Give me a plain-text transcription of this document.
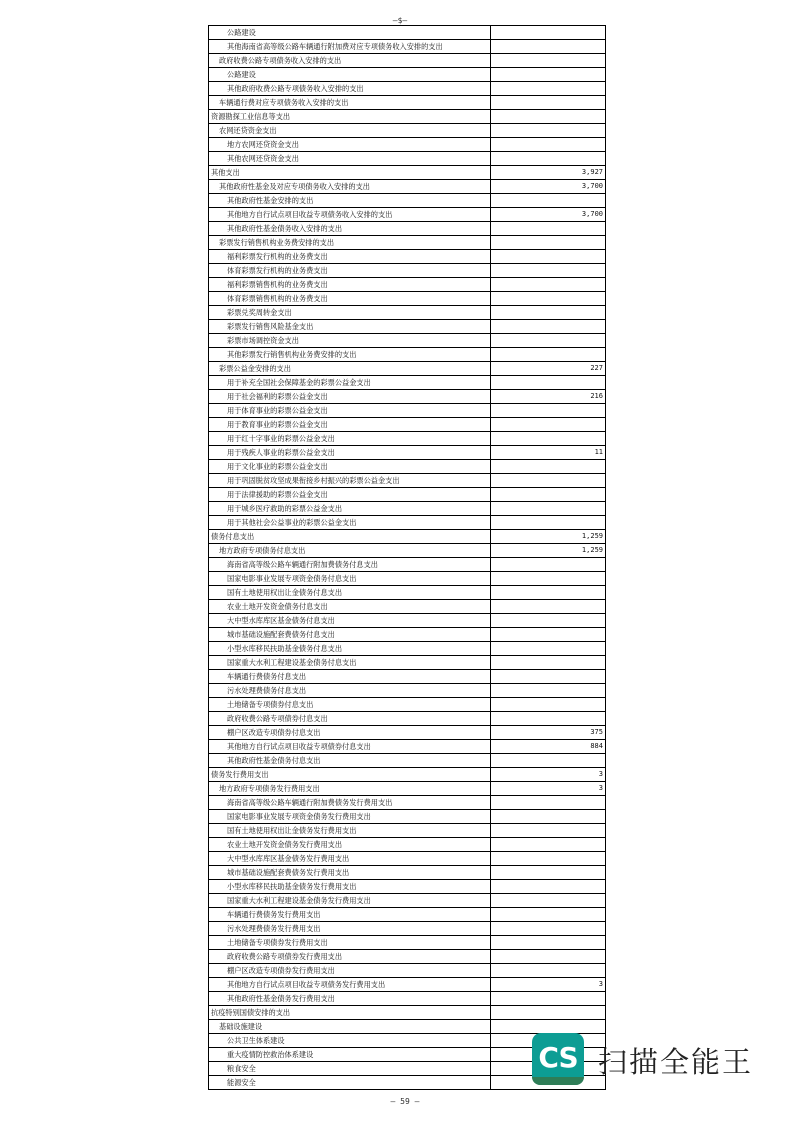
—$—
公路建设	
其他海南省高等级公路车辆通行附加费对应专项债务收入安排的支出	
政府收费公路专项债务收入安排的支出	
公路建设	
其他政府收费公路专项债务收入安排的支出	
车辆通行费对应专项债务收入安排的支出	
资源勘探工业信息等支出	
农网还贷资金支出	
地方农网还贷资金支出	
其他农网还贷资金支出	
其他支出	3,927
其他政府性基金及对应专项债务收入安排的支出	3,700
其他政府性基金安排的支出	
其他地方自行试点项目收益专项债务收入安排的支出	3,700
其他政府性基金债务收入安排的支出	
彩票发行销售机构业务费安排的支出	
福利彩票发行机构的业务费支出	
体育彩票发行机构的业务费支出	
福利彩票销售机构的业务费支出	
体育彩票销售机构的业务费支出	
彩票兑奖周转金支出	
彩票发行销售风险基金支出	
彩票市场调控资金支出	
其他彩票发行销售机构业务费安排的支出	
彩票公益金安排的支出	227
用于补充全国社会保障基金的彩票公益金支出	
用于社会福利的彩票公益金支出	216
用于体育事业的彩票公益金支出	
用于教育事业的彩票公益金支出	
用于红十字事业的彩票公益金支出	
用于残疾人事业的彩票公益金支出	11
用于文化事业的彩票公益金支出	
用于巩固脱贫攻坚成果衔接乡村振兴的彩票公益金支出	
用于法律援助的彩票公益金支出	
用于城乡医疗救助的彩票公益金支出	
用于其他社会公益事业的彩票公益金支出	
债务付息支出	1,259
地方政府专项债务付息支出	1,259
海南省高等级公路车辆通行附加费债务付息支出	
国家电影事业发展专项资金债务付息支出	
国有土地使用权出让金债务付息支出	
农业土地开发资金债务付息支出	
大中型水库库区基金债务付息支出	
城市基础设施配套费债务付息支出	
小型水库移民扶助基金债务付息支出	
国家重大水利工程建设基金债务付息支出	
车辆通行费债务付息支出	
污水处理费债务付息支出	
土地储备专项债券付息支出	
政府收费公路专项债券付息支出	
棚户区改造专项债券付息支出	375
其他地方自行试点项目收益专项债券付息支出	884
其他政府性基金债务付息支出	
债务发行费用支出	3
地方政府专项债务发行费用支出	3
海南省高等级公路车辆通行附加费债务发行费用支出	
国家电影事业发展专项资金债务发行费用支出	
国有土地使用权出让金债务发行费用支出	
农业土地开发资金债务发行费用支出	
大中型水库库区基金债务发行费用支出	
城市基础设施配套费债务发行费用支出	
小型水库移民扶助基金债务发行费用支出	
国家重大水利工程建设基金债务发行费用支出	
车辆通行费债务发行费用支出	
污水处理费债务发行费用支出	
土地储备专项债券发行费用支出	
政府收费公路专项债券发行费用支出	
棚户区改造专项债券发行费用支出	
其他地方自行试点项目收益专项债务发行费用支出	3
其他政府性基金债务发行费用支出	
抗疫特别国债安排的支出	
基础设施建设	
公共卫生体系建设	
重大疫情防控救治体系建设	
粮食安全	
能源安全	
— 59 —
CS 扫描全能王
